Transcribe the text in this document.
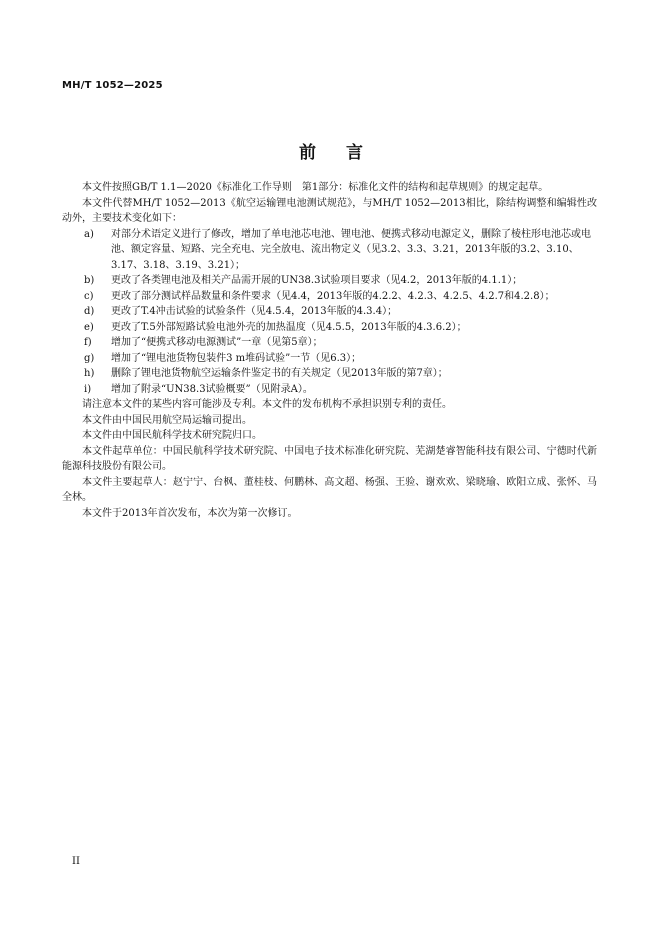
MH/T 1052—2025
前言

本文件按照GB/T 1.1—2020《标准化工作导则　第1部分：标准化文件的结构和起草规则》的规定起草。

本文件代替MH/T 1052—2013《航空运输锂电池测试规范》，与MH/T 1052—2013相比，除结构调整和编辑性改动外，主要技术变化如下：

a) 对部分术语定义进行了修改，增加了单电池芯电池、锂电池、便携式移动电源定义，删除了棱柱形电池芯或电池、额定容量、短路、完全充电、完全放电、流出物定义（见3.2、3.3、3.21，2013年版的3.2、3.10、3.17、3.18、3.19、3.21）；
b) 更改了各类锂电池及相关产品需开展的UN38.3试验项目要求（见4.2，2013年版的4.1.1）；
c) 更改了部分测试样品数量和条件要求（见4.4，2013年版的4.2.2、4.2.3、4.2.5、4.2.7和4.2.8）；
d) 更改了T.4冲击试验的试验条件（见4.5.4，2013年版的4.3.4）；
e) 更改了T.5外部短路试验电池外壳的加热温度（见4.5.5，2013年版的4.3.6.2）；
f) 增加了“便携式移动电源测试”一章（见第5章）；
g) 增加了“锂电池货物包装件3 m堆码试验”一节（见6.3）；
h) 删除了锂电池货物航空运输条件鉴定书的有关规定（见2013年版的第7章）；
i) 增加了附录“UN38.3试验概要”（见附录A）。

请注意本文件的某些内容可能涉及专利。本文件的发布机构不承担识别专利的责任。

本文件由中国民用航空局运输司提出。

本文件由中国民航科学技术研究院归口。

本文件起草单位：中国民航科学技术研究院、中国电子技术标准化研究院、芜湖楚睿智能科技有限公司、宁德时代新能源科技股份有限公司。

本文件主要起草人：赵宁宁、台枫、董桂枝、何鹏林、高文超、杨强、王验、谢欢欢、梁晓瑜、欧阳立成、张怀、马全林。

本文件于2013年首次发布，本次为第一次修订。

II
